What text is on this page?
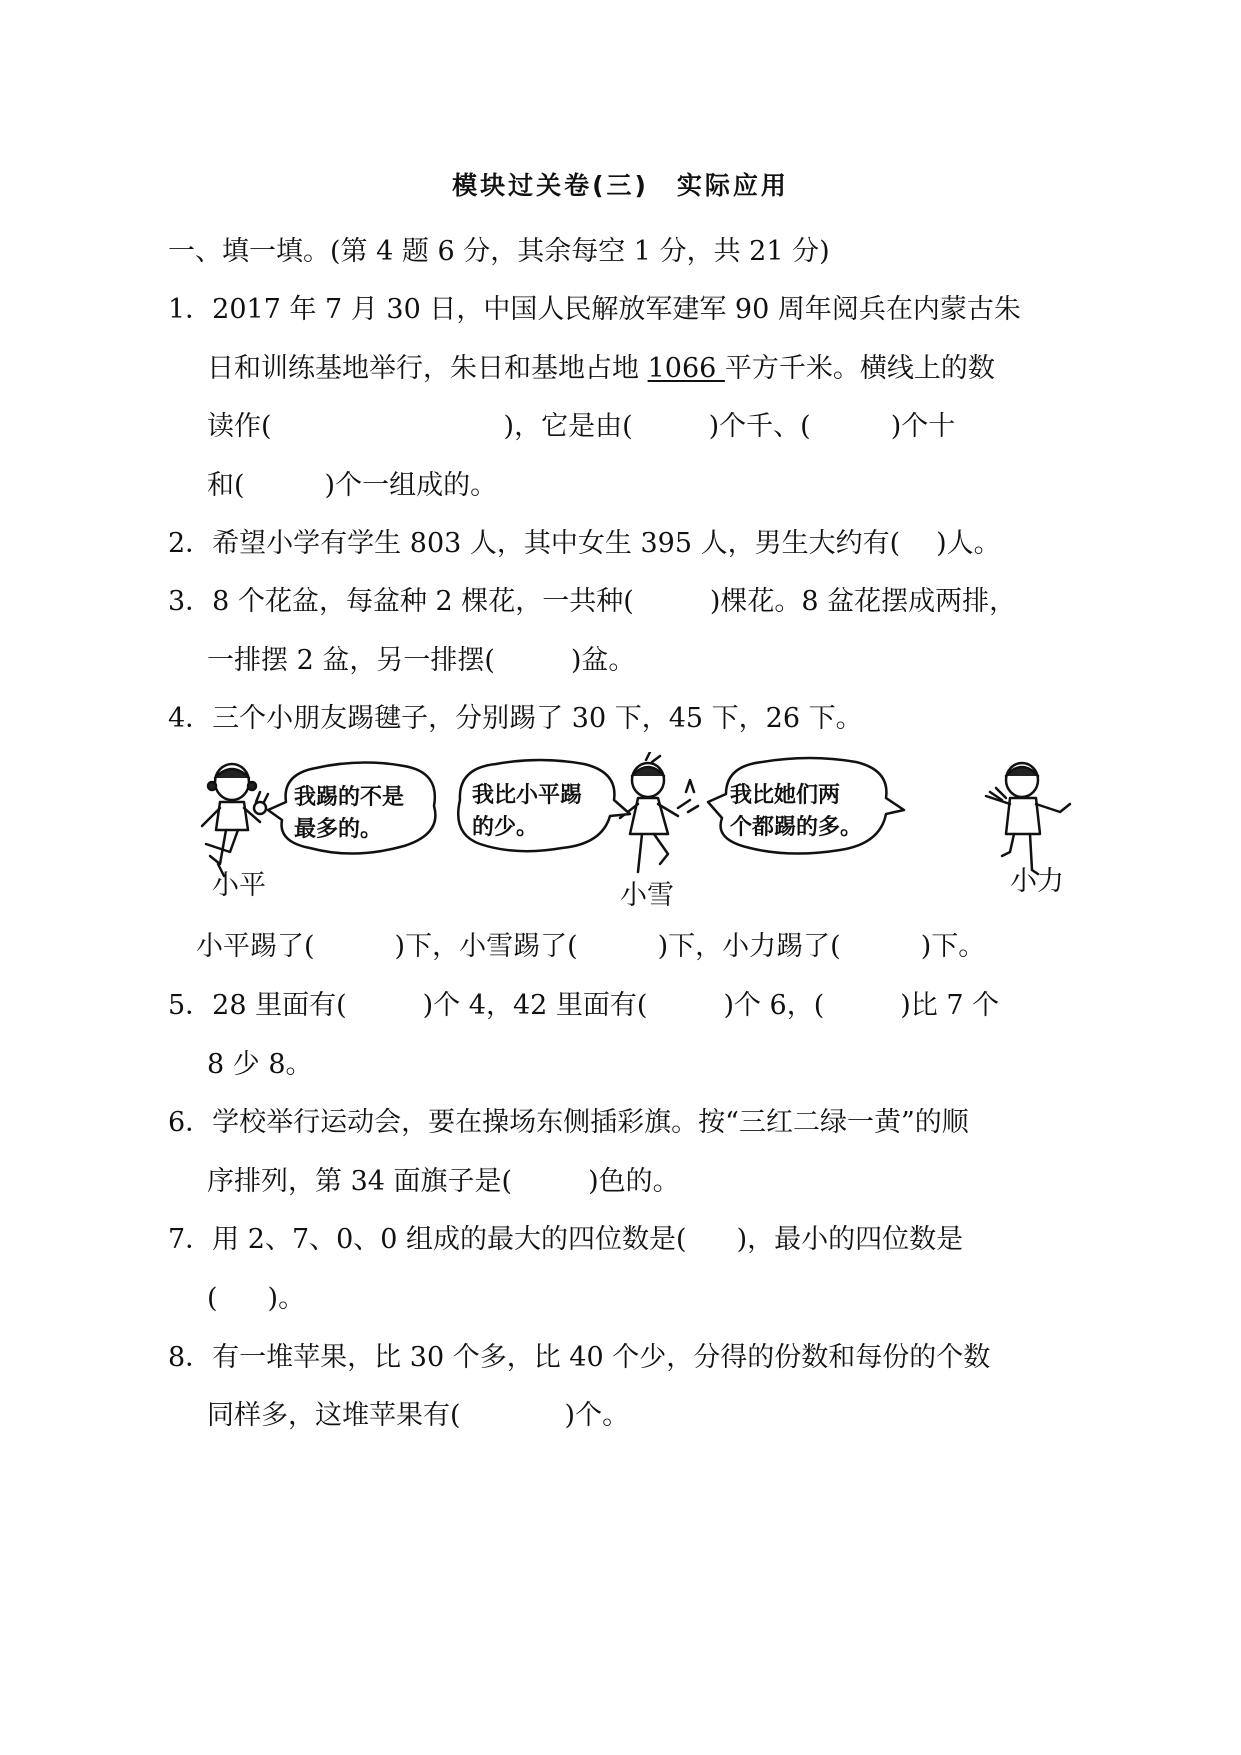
模块过关卷(三)　实际应用
一、填一填。(第 4 题 6 分，其余每空 1 分，共 21 分)
1．2017 年 7 月 30 日，中国人民解放军建军 90 周年阅兵在内蒙古朱
日和训练基地举行，朱日和基地占地 1066 平方千米。横线上的数
读作(	)，它是由(	)个千、(	)个十
和(	)个一组成的。
2．希望小学有学生 803 人，其中女生 395 人，男生大约有( )人。
3．8 个花盆，每盆种 2 棵花，一共种(	)棵花。8 盆花摆成两排，
一排摆 2 盆，另一排摆(	)盆。
4．三个小朋友踢毽子，分别踢了 30 下，45 下，26 下。
我踢的不是
最多的。
我比小平踢
的少。
我比她们两
个都踢的多。
小平	小雪	小力
小平踢了(	)下，小雪踢了(	)下，小力踢了(	)下。
5．28 里面有(	)个 4，42 里面有(	)个 6，(	)比 7 个
8 少 8。
6．学校举行运动会，要在操场东侧插彩旗。按“三红二绿一黄”的顺
序排列，第 34 面旗子是(	)色的。
7．用 2、7、0、0 组成的最大的四位数是( )，最小的四位数是
( )。
8．有一堆苹果，比 30 个多，比 40 个少，分得的份数和每份的个数
同样多，这堆苹果有(	)个。
